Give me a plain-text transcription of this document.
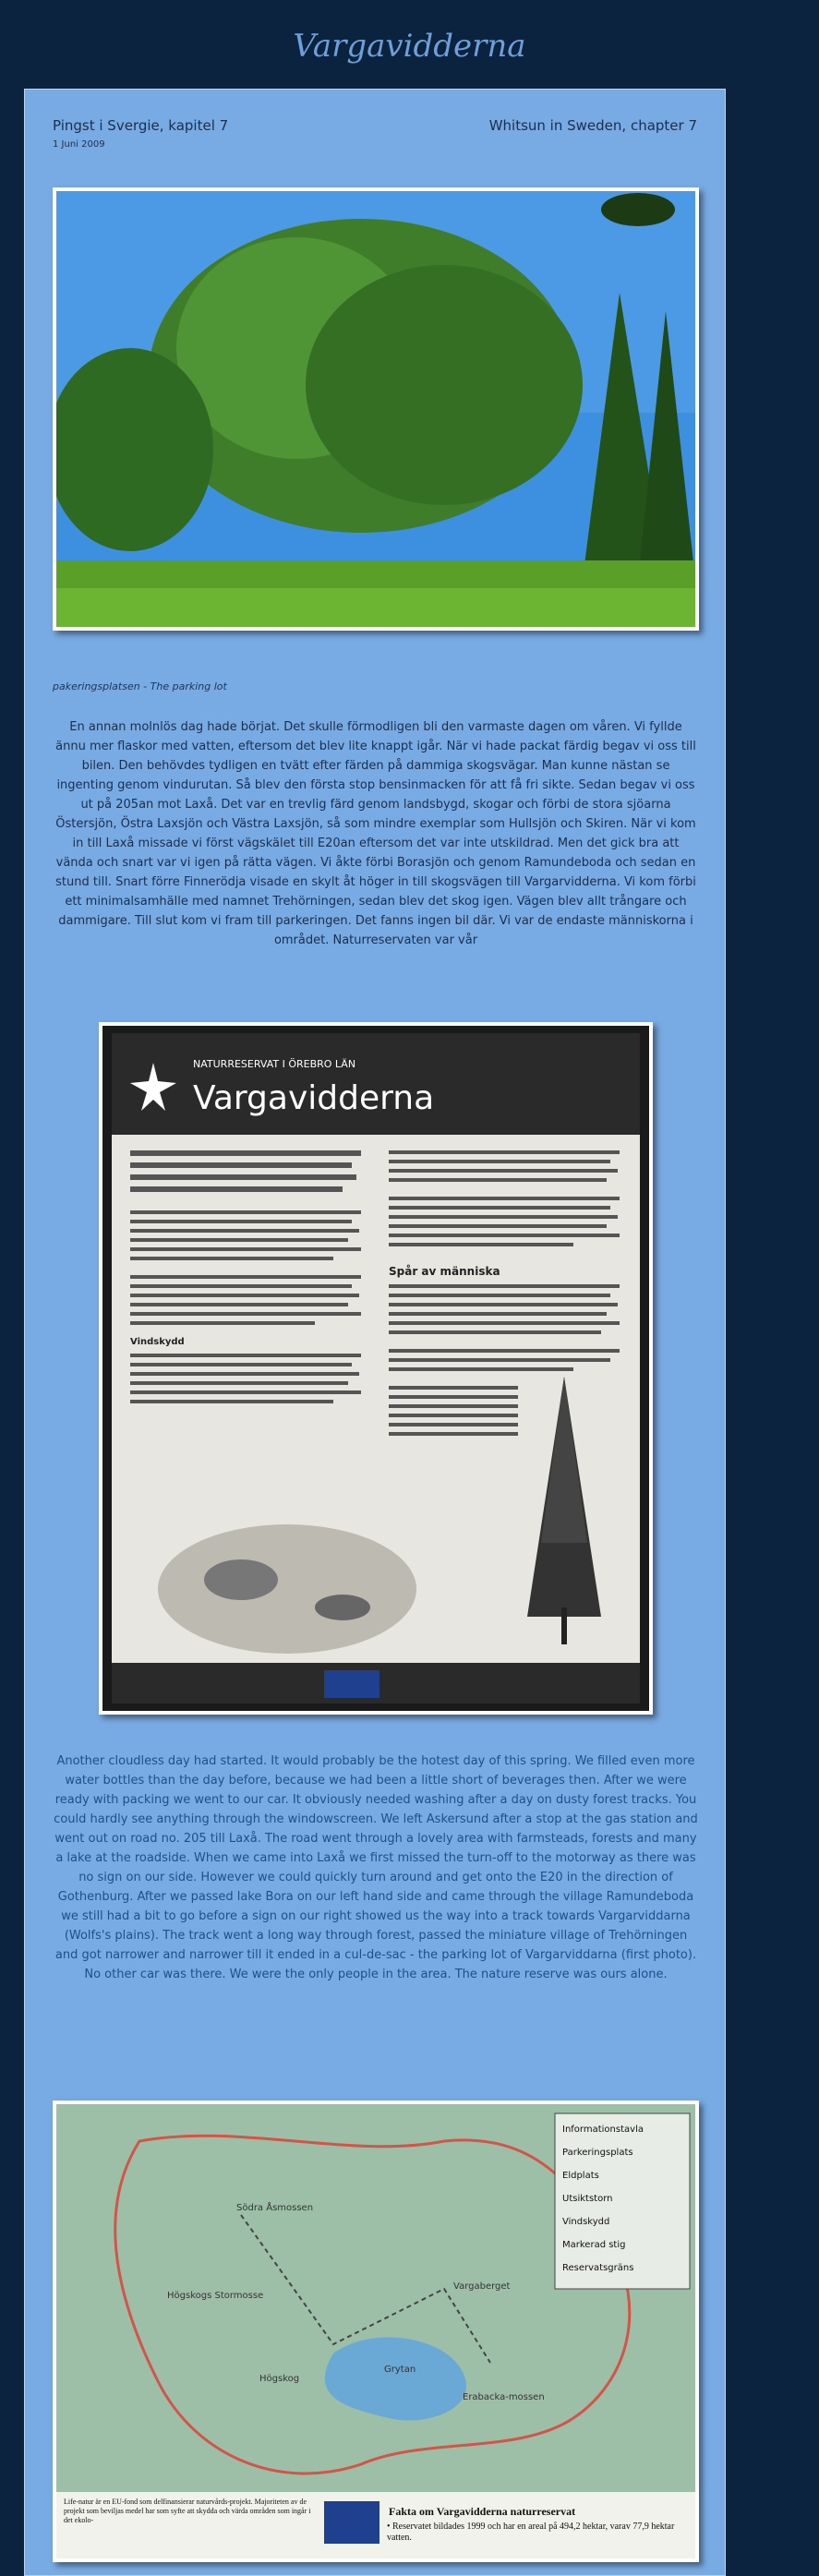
Vargavidderna
Pingst i Svergie, kapitel 7	Whitsun in Sweden, chapter 7
1 Juni 2009
pakeringsplatsen - The parking lot
En annan molnlös dag hade börjat. Det skulle förmodligen bli den varmaste dagen om våren. Vi fyllde ännu mer flaskor med vatten, eftersom det blev lite knappt igår. När vi hade packat färdig begav vi oss till bilen. Den behövdes tydligen en tvätt efter färden på dammiga skogsvägar. Man kunne nästan se ingenting genom vindurutan. Så blev den första stop bensinmacken för att få fri sikte. Sedan begav vi oss ut på 205an mot Laxå. Det var en trevlig färd genom landsbygd, skogar och förbi de stora sjöarna Östersjön, Östra Laxsjön och Västra Laxsjön, så som mindre exemplar som Hullsjön och Skiren. När vi kom in till Laxå missade vi först vägskälet till E20an eftersom det var inte utskildrad. Men det gick bra att vända och snart var vi igen på rätta vägen. Vi åkte förbi Borasjön och genom Ramundeboda och sedan en stund till. Snart förre Finnerödja visade en skylt åt höger in till skogsvägen till Vargarvidderna. Vi kom förbi ett minimalsamhälle med namnet Trehörningen, sedan blev det skog igen. Vägen blev allt trångare och dammigare. Till slut kom vi fram till parkeringen. Det fanns ingen bil där. Vi var de endaste människorna i området. Naturreservaten var vår
NATURRESERVAT I ÖREBRO LÄN
Vargavidderna
Vindskydd
Spår av människa
Another cloudless day had started. It would probably be the hotest day of this spring. We filled even more water bottles than the day before, because we had been a little short of beverages then. After we were ready with packing we went to our car. It obviously needed washing after a day on dusty forest tracks. You could hardly see anything through the windowscreen. We left Askersund after a stop at the gas station and went out on road no. 205 till Laxå. The road went through a lovely area with farmsteads, forests and many a lake at the roadside. When we came into Laxå we first missed the turn-off to the motorway as there was no sign on our side. However we could quickly turn around and get onto the E20 in the direction of Gothenburg. After we passed lake Bora on our left hand side and came through the village Ramundeboda we still had a bit to go before a sign on our right showed us the way into a track towards Vargarviddarna (Wolfs's plains). The track went a long way through forest, passed the miniature village of Trehörningen and got narrower and narrower till it ended in a cul-de-sac - the parking lot of Vargarviddarna (first photo). No other car was there. We were the only people in the area. The nature reserve was ours alone.
Informationstavla
Parkeringsplats
Eldplats
Utsiktstorn
Vindskydd
Markerad stig
Reservatsgräns
Södra Åsmossen
Högskogs Stormosse
Vargaberget
Grytan
Högskog
Erabacka-mossen
Life-natur är en EU-fond som delfinansierar naturvårds-projekt. Majoriteten av de projekt som beviljas medel har som syfte att skydda och värda områden som ingår i det ekolo-
Fakta om Vargavidderna naturreservat
• Reservatet bildades 1999 och har en areal på 494,2 hektar, varav 77,9 hektar vatten.
